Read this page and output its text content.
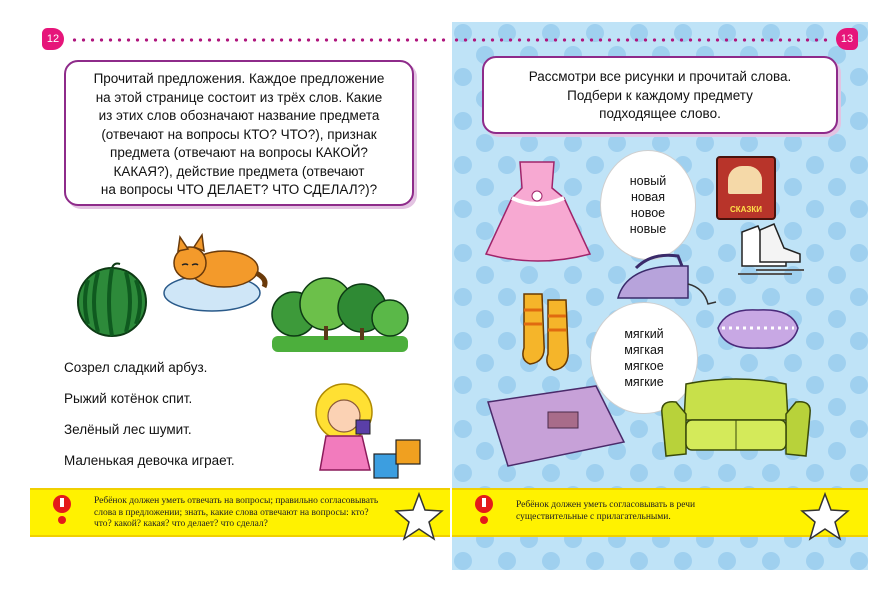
12
Прочитай предложения. Каждое предложение
на этой странице состоит из трёх слов. Какие
из этих слов обозначают название предмета
(отвечают на вопросы КТО? ЧТО?), признак
предмета (отвечают на вопросы КАКОЙ?
КАКАЯ?), действие предмета (отвечают
на вопросы ЧТО ДЕЛАЕТ? ЧТО СДЕЛАЛ?)?
Созрел сладкий арбуз.
Рыжий котёнок спит.
Зелёный лес шумит.
Маленькая девочка играет.
Ребёнок должен уметь отвечать на вопросы; правильно согласовывать
слова в предложении; знать, какие слова отвечают на вопросы: кто?
что? какой? какая? что делает? что сделал?
13
Рассмотри все рисунки и прочитай слова.
Подбери к каждому предмету
подходящее слово.
новый
новая
новое
новые
СКАЗКИ
мягкий
мягкая
мягкое
мягкие
Ребёнок должен уметь согласовывать в речи
существительные с прилагательными.
